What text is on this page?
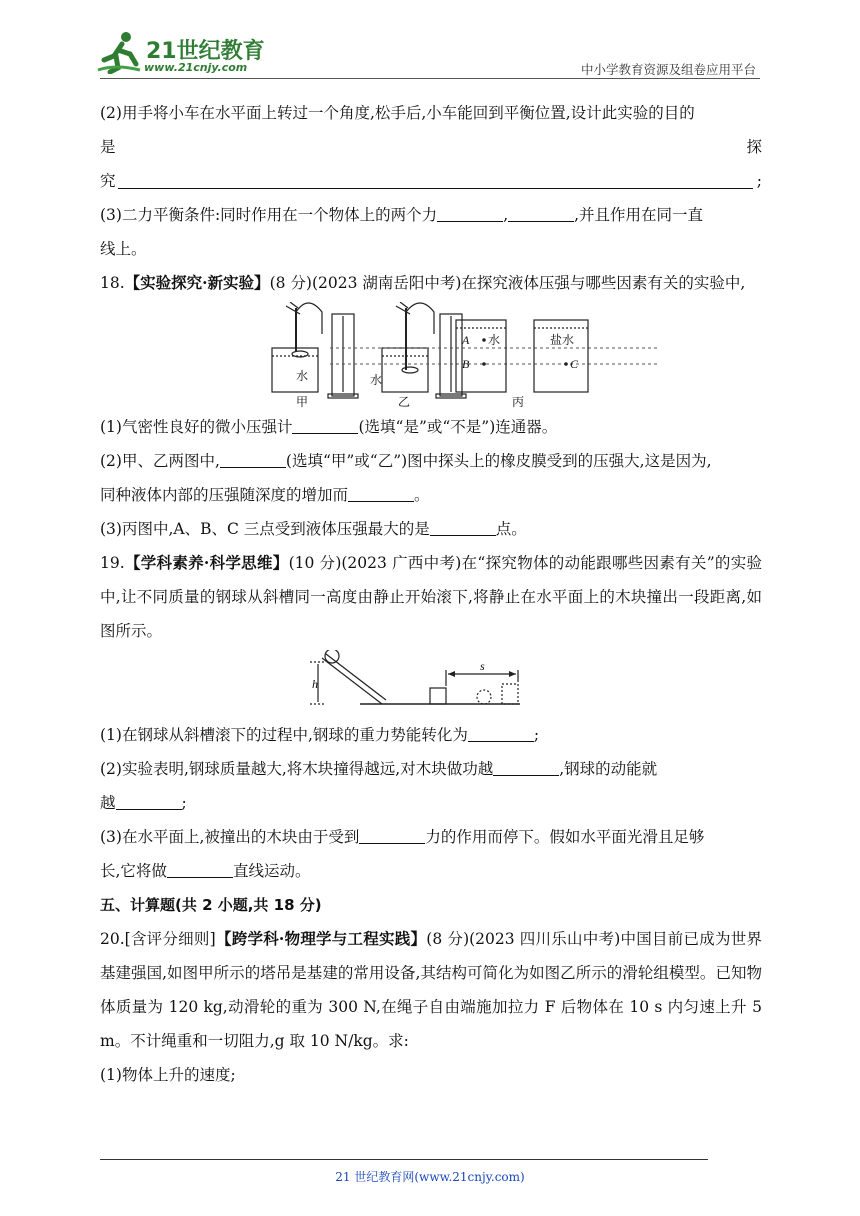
21世纪教育
www.21cnjy.com	中小学教育资源及组卷应用平台

(2)用手将小车在水平面上转过一个角度,松手后,小车能回到平衡位置,设计此实验的目的

是	探
究	;

(3)二力平衡条件:同时作用在一个物体上的两个力	,	,并且作用在同一直

线上。

18.【实验探究·新实验】(8 分)(2023 湖南岳阳中考)在探究液体压强与哪些因素有关的实验中,

水	水
水	盐水
A
B	C
甲	乙	丙

(1)气密性良好的微小压强计	(选填“是”或“不是”)连通器。

(2)甲、乙两图中,	(选填“甲”或“乙”)图中探头上的橡皮膜受到的压强大,这是因为,

同种液体内部的压强随深度的增加而	。

(3)丙图中,A、B、C 三点受到液体压强最大的是	点。

19.【学科素养·科学思维】(10 分)(2023 广西中考)在“探究物体的动能跟哪些因素有关”的实验中,让不同质量的钢球从斜槽同一高度由静止开始滚下,将静止在水平面上的木块撞出一段距离,如图所示。

h
s

(1)在钢球从斜槽滚下的过程中,钢球的重力势能转化为	;

(2)实验表明,钢球质量越大,将木块撞得越远,对木块做功越	,钢球的动能就

越	;

(3)在水平面上,被撞出的木块由于受到	力的作用而停下。假如水平面光滑且足够

长,它将做	直线运动。

五、计算题(共 2 小题,共 18 分)

20.[含评分细则]【跨学科·物理学与工程实践】(8 分)(2023 四川乐山中考)中国目前已成为世界基建强国,如图甲所示的塔吊是基建的常用设备,其结构可简化为如图乙所示的滑轮组模型。已知物体质量为 120 kg,动滑轮的重为 300 N,在绳子自由端施加拉力 F 后物体在 10 s 内匀速上升 5 m。不计绳重和一切阻力,g 取 10 N/kg。求:

(1)物体上升的速度;

21 世纪教育网(www.21cnjy.com)
